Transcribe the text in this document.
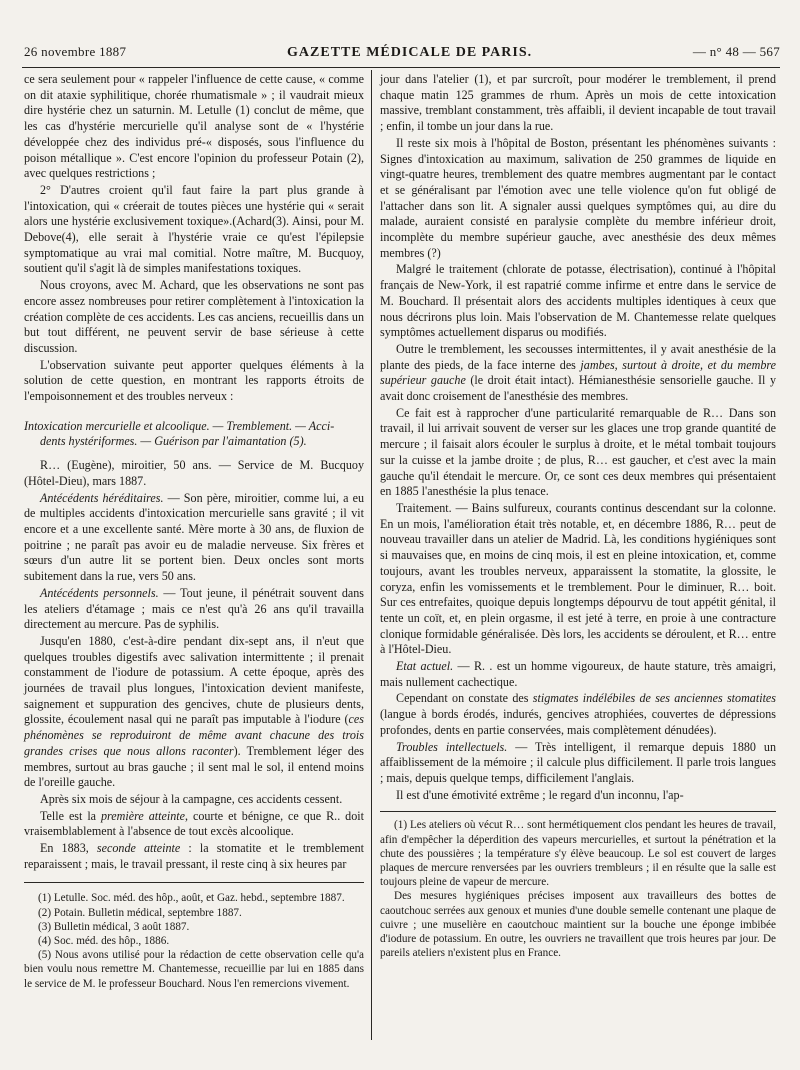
26 novembre 1887	GAZETTE MÉDICALE DE PARIS.	— n° 48 — 567

ce sera seulement pour « rappeler l'influence de cette cause, « comme on dit ataxie syphilitique, chorée rhumatismale » ; il vaudrait mieux dire hystérie chez un saturnin. M. Letulle (1) conclut de même, que les cas d'hystérie mercurielle qu'il analyse sont de « l'hystérie développée chez des individus pré-« disposés, sous l'influence du poison métallique ». C'est encore l'opinion du professeur Potain (2), avec quelques restrictions ;

2° D'autres croient qu'il faut faire la part plus grande à l'intoxication, qui « créerait de toutes pièces une hystérie qui « serait alors une hystérie exclusivement toxique».(Achard(3). Ainsi, pour M. Debove(4), elle serait à l'hystérie vraie ce qu'est l'épilepsie symptomatique au vrai mal comitial. Notre maître, M. Bucquoy, soutient qu'il s'agit là de simples manifestations toxiques.

Nous croyons, avec M. Achard, que les observations ne sont pas encore assez nombreuses pour retirer complètement à l'intoxication la création complète de ces accidents. Les cas anciens, recueillis dans un but tout différent, ne peuvent servir de base sérieuse à cette discussion.

L'observation suivante peut apporter quelques éléments à la solution de cette question, en montrant les rapports étroits de l'empoisonnement et des troubles nerveux :

Intoxication mercurielle et alcoolique. — Tremblement. — Acci-
dents hystériformes. — Guérison par l'aimantation (5).

R… (Eugène), miroitier, 50 ans. — Service de M. Bucquoy (Hôtel-Dieu), mars 1887.

Antécédents héréditaires. — Son père, miroitier, comme lui, a eu de multiples accidents d'intoxication mercurielle sans gravité ; il vit encore et a une excellente santé. Mère morte à 30 ans, de fluxion de poitrine ; ne paraît pas avoir eu de maladie nerveuse. Six frères et sœurs d'un autre lit se portent bien. Deux oncles sont morts subitement dans la rue, vers 50 ans.

Antécédents personnels. — Tout jeune, il pénétrait souvent dans les ateliers d'étamage ; mais ce n'est qu'à 26 ans qu'il travailla directement au mercure. Pas de syphilis.

Jusqu'en 1880, c'est-à-dire pendant dix-sept ans, il n'eut que quelques troubles digestifs avec salivation intermittente ; il prenait constamment de l'iodure de potassium. A cette époque, après des journées de travail plus longues, l'intoxication devient manifeste, saignement et suppuration des gencives, chute de plusieurs dents, glossite, écoulement nasal qui ne paraît pas imputable à l'iodure (ces phénomènes se reproduiront de même avant chacune des trois grandes crises que nous allons raconter). Tremblement léger des membres, surtout au bras gauche ; il sent mal le sol, il entend moins de l'oreille gauche.

Après six mois de séjour à la campagne, ces accidents cessent.

Telle est la première atteinte, courte et bénigne, ce que R.. doit vraisemblablement à l'absence de tout excès alcoolique.

En 1883, seconde atteinte : la stomatite et le tremblement reparaissent ; mais, le travail pressant, il reste cinq à six heures par

(1) Letulle. Soc. méd. des hôp., août, et Gaz. hebd., septembre 1887.

(2) Potain. Bulletin médical, septembre 1887.

(3) Bulletin médical, 3 août 1887.

(4) Soc. méd. des hôp., 1886.

(5) Nous avons utilisé pour la rédaction de cette observation celle qu'a bien voulu nous remettre M. Chantemesse, recueillie par lui en 1885 dans le service de M. le professeur Bouchard. Nous l'en remercions vivement.

jour dans l'atelier (1), et par surcroît, pour modérer le tremblement, il prend chaque matin 125 grammes de rhum. Après un mois de cette intoxication massive, tremblant constamment, très affaibli, il devient incapable de tout travail ; enfin, il tombe un jour dans la rue.

Il reste six mois à l'hôpital de Boston, présentant les phénomènes suivants : Signes d'intoxication au maximum, salivation de 250 grammes de liquide en vingt-quatre heures, tremblement des quatre membres augmentant par le contact et se généralisant par l'émotion avec une telle violence qu'on fut obligé de l'attacher dans son lit. A signaler aussi quelques symptômes qui, au dire du malade, auraient consisté en paralysie complète du membre inférieur droit, incomplète du membre supérieur gauche, avec anesthésie des deux mêmes membres (?)

Malgré le traitement (chlorate de potasse, électrisation), continué à l'hôpital français de New-York, il est rapatrié comme infirme et entre dans le service de M. Bouchard. Il présentait alors des accidents multiples identiques à ceux que nous décrirons plus loin. Mais l'observation de M. Chantemesse relate quelques symptômes actuellement disparus ou modifiés.

Outre le tremblement, les secousses intermittentes, il y avait anesthésie de la plante des pieds, de la face interne des jambes, surtout à droite, et du membre supérieur gauche (le droit était intact). Hémianesthésie sensorielle gauche. Il y avait donc croisement de l'anesthésie des membres.

Ce fait est à rapprocher d'une particularité remarquable de R… Dans son travail, il lui arrivait souvent de verser sur les glaces une trop grande quantité de mercure ; il faisait alors écouler le surplus à droite, et le métal tombait toujours sur la cuisse et la jambe droite ; de plus, R… est gaucher, et c'est avec la main gauche qu'il étendait le mercure. Or, ce sont ces deux membres qui présentaient en 1885 l'anesthésie la plus tenace.

Traitement. — Bains sulfureux, courants continus descendant sur la colonne. En un mois, l'amélioration était très notable, et, en décembre 1886, R… peut de nouveau travailler dans un atelier de Madrid. Là, les conditions hygiéniques sont si mauvaises que, en moins de cinq mois, il est en pleine intoxication, et, comme toujours, avant les troubles nerveux, apparaissent la stomatite, la glossite, le coryza, enfin les vomissements et le tremblement. Pour le diminuer, R… boit. Sur ces entrefaites, quoique depuis longtemps dépourvu de tout appétit génital, il tente un coït, et, en plein orgasme, il est jeté à terre, en proie à une contracture clonique formidable généralisée. Dès lors, les accidents se déroulent, et R… entre à l'Hôtel-Dieu.

Etat actuel. — R. . est un homme vigoureux, de haute stature, très amaigri, mais nullement cachectique.

Cependant on constate des stigmates indélébiles de ses anciennes stomatites (langue à bords érodés, indurés, gencives atrophiées, couvertes de dépressions profondes, dents en partie conservées, mais complètement dénudées).

Troubles intellectuels. — Très intelligent, il remarque depuis 1880 un affaiblissement de la mémoire ; il calcule plus difficilement. Il parle trois langues ; mais, depuis quelque temps, difficilement l'anglais.

Il est d'une émotivité extrême ; le regard d'un inconnu, l'ap-

(1) Les ateliers où vécut R… sont hermétiquement clos pendant les heures de travail, afin d'empêcher la déperdition des vapeurs mercurielles, et surtout la pénétration et la chute des poussières ; la température s'y élève beaucoup. Le sol est couvert de larges plaques de mercure renversées par les ouvriers trembleurs ; il en résulte que la salle est toujours pleine de vapeur de mercure.

Des mesures hygiéniques précises imposent aux travailleurs des bottes de caoutchouc serrées aux genoux et munies d'une double semelle contenant une plaque de cuivre ; une muselière en caoutchouc maintient sur la bouche une éponge imbibée d'iodure de potassium. En outre, les ouvriers ne travaillent que trois heures par jour. De pareils ateliers n'existent plus en France.
